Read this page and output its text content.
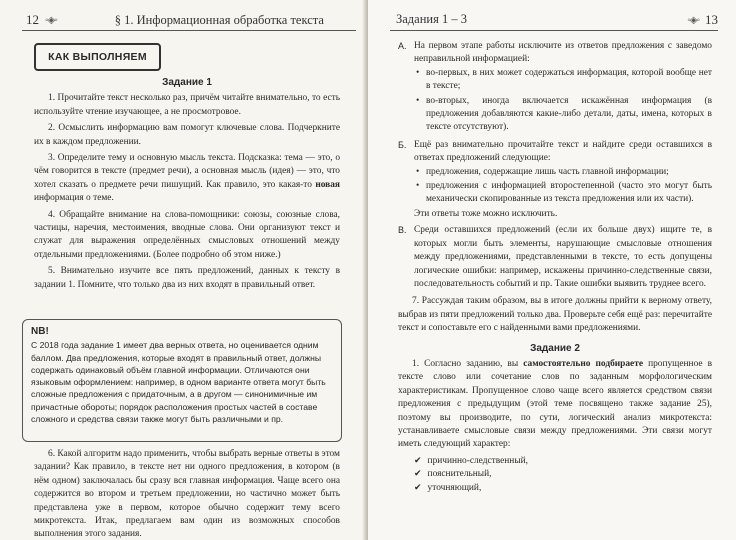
12 ◦◈◦	§ 1. Информационная обработка текста
КАК ВЫПОЛНЯЕМ

Задание 1

1. Прочитайте текст несколько раз, причём читайте внимательно, то есть используйте чтение изучающее, а не просмотровое.

2. Осмыслить информацию вам помогут ключевые слова. Подчеркните их в каждом предложении.

3. Определите тему и основную мысль текста. Подсказка: тема — это, о чём говорится в тексте (предмет речи), а основная мысль (идея) — это, что хотел сказать о предмете речи пишущий. Как правило, это какая-то новая информация о теме.

4. Обращайте внимание на слова-помощники: союзы, союзные слова, частицы, наречия, местоимения, вводные слова. Они организуют текст и служат для выражения определённых смысловых отношений между отдельными предложениями. (Более подробно об этом ниже.)

5. Внимательно изучите все пять предложений, данных к тексту в задании 1. Помните, что только два из них входят в правильный ответ.

NB!
С 2018 года задание 1 имеет два верных ответа, но оценивается одним баллом. Два предложения, которые входят в правильный ответ, должны содержать одинаковый объём главной информации. Отличаются они языковым оформлением: например, в одном варианте ответа могут быть сложные предложения с придаточным, а в другом — синонимичные им причастные обороты; порядок расположения простых частей в составе сложного и средства связи также могут быть различными и пр.

6. Какой алгоритм надо применить, чтобы выбрать верные ответы в этом задании? Как правило, в тексте нет ни одного предложения, в котором (в нём одном) заключалась бы сразу вся главная информация. Чаще всего она содержится во втором и третьем предложении, но частично может быть представлена уже в первом, которое обычно содержит тему всего микротекста. Итак, предлагаем вам один из возможных способов выполнения этого задания.

Задания 1 – 3	◦◈◦ 13
А. На первом этапе работы исключите из ответов предложения с заведомо неправильной информацией:
• во-первых, в них может содержаться информация, которой вообще нет в тексте;
• во-вторых, иногда включается искажённая информация (в предложения добавляются какие-либо детали, даты, имена, которых в тексте отсутствуют).
Б. Ещё раз внимательно прочитайте текст и найдите среди оставшихся в ответах предложений следующие:
• предложения, содержащие лишь часть главной информации;
• предложения с информацией второстепенной (часто это могут быть механически скопированные из текста предложения или их части).
Эти ответы тоже можно исключить.
В. Среди оставшихся предложений (если их больше двух) ищите те, в которых могли быть элементы, нарушающие смысловые отношения между предложениями, представленными в тексте, то есть допущены логические ошибки: например, искажены причинно-следственные связи, последовательность событий и пр. Такие ошибки выявить труднее всего.

7. Рассуждая таким образом, вы в итоге должны прийти к верному ответу, выбрав из пяти предложений только два. Проверьте себя ещё раз: перечитайте текст и сопоставьте его с найденными вами предложениями.

Задание 2

1. Согласно заданию, вы самостоятельно подбираете пропущенное в тексте слово или сочетание слов по заданным морфологическим характеристикам. Пропущенное слово чаще всего является средством связи предложения с предыдущим (этой теме посвящено также задание 25), поэтому вы производите, по сути, логический анализ микротекста: устанавливаете смысловые связи между предложениями. Эти связи могут иметь следующий характер:

✔ причинно-следственный,
✔ пояснительный,
✔ уточняющий,
